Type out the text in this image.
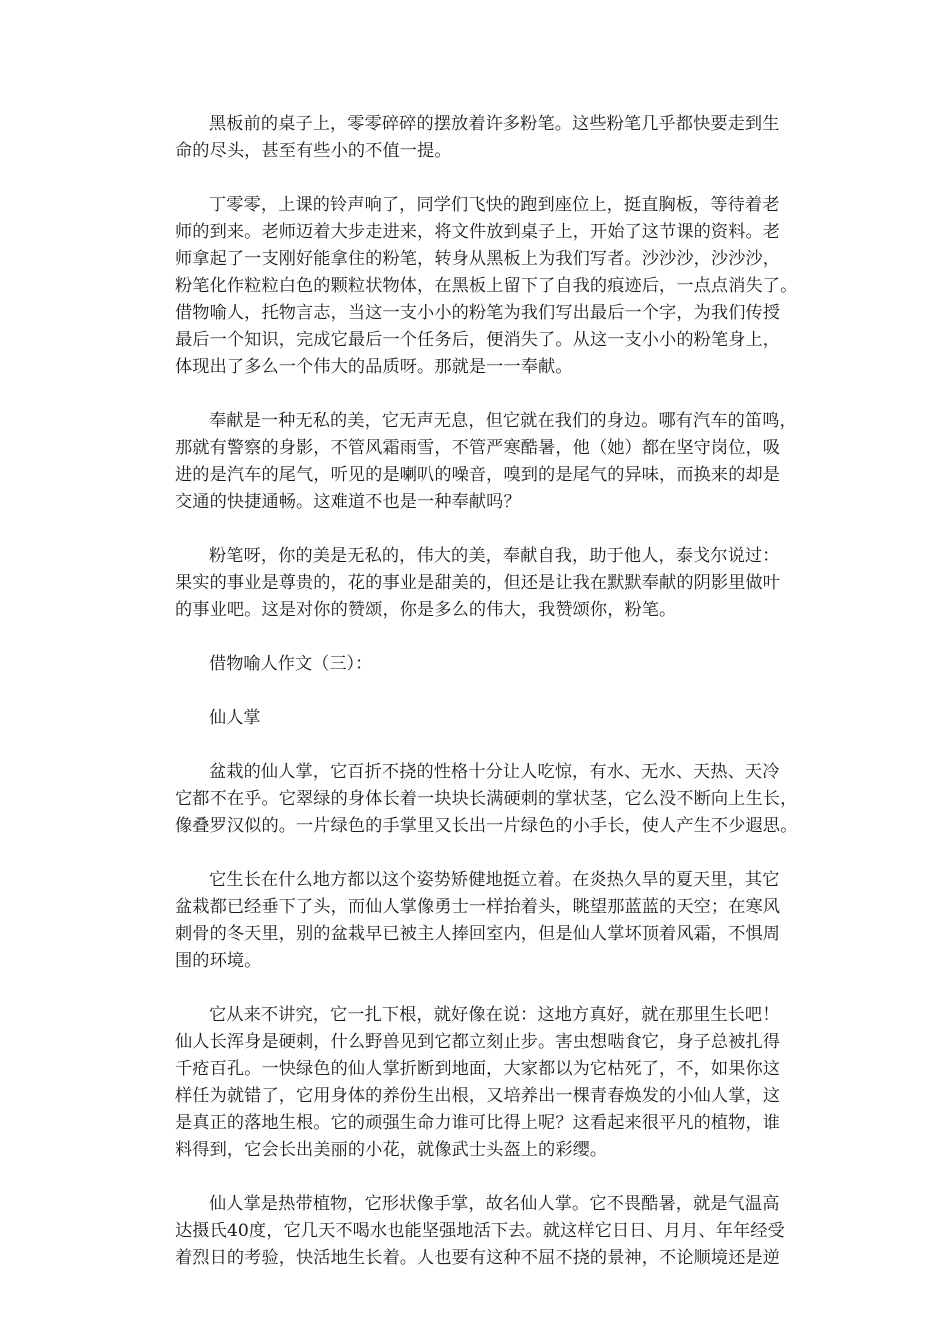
黑板前的桌子上，零零碎碎的摆放着许多粉笔。这些粉笔几乎都快要走到生
命的尽头，甚至有些小的不值一提。
丁零零，上课的铃声响了，同学们飞快的跑到座位上，挺直胸板，等待着老
师的到来。老师迈着大步走进来，将文件放到桌子上，开始了这节课的资料。老
师拿起了一支刚好能拿住的粉笔，转身从黑板上为我们写者。沙沙沙，沙沙沙，
粉笔化作粒粒白色的颗粒状物体，在黑板上留下了自我的痕迹后，一点点消失了。
借物喻人，托物言志，当这一支小小的粉笔为我们写出最后一个字，为我们传授
最后一个知识，完成它最后一个任务后，便消失了。从这一支小小的粉笔身上，
体现出了多么一个伟大的品质呀。那就是一一奉献。
奉献是一种无私的美，它无声无息，但它就在我们的身边。哪有汽车的笛鸣，
那就有警察的身影，不管风霜雨雪，不管严寒酷暑，他（她）都在坚守岗位，吸
进的是汽车的尾气，听见的是喇叭的噪音，嗅到的是尾气的异味，而换来的却是
交通的快捷通畅。这难道不也是一种奉献吗？
粉笔呀，你的美是无私的，伟大的美，奉献自我，助于他人，泰戈尔说过：
果实的事业是尊贵的，花的事业是甜美的，但还是让我在默默奉献的阴影里做叶
的事业吧。这是对你的赞颂，你是多么的伟大，我赞颂你，粉笔。
借物喻人作文（三）：
仙人掌
盆栽的仙人掌，它百折不挠的性格十分让人吃惊，有水、无水、天热、天冷
它都不在乎。它翠绿的身体长着一块块长满硬刺的掌状茎，它么没不断向上生长，
像叠罗汉似的。一片绿色的手掌里又长出一片绿色的小手长，使人产生不少遐思。
它生长在什么地方都以这个姿势矫健地挺立着。在炎热久旱的夏天里，其它
盆栽都已经垂下了头，而仙人掌像勇士一样抬着头，眺望那蓝蓝的天空；在寒风
刺骨的冬天里，别的盆栽早已被主人捧回室内，但是仙人掌坏顶着风霜，不惧周
围的环境。
它从来不讲究，它一扎下根，就好像在说：这地方真好，就在那里生长吧！
仙人长浑身是硬刺，什么野兽见到它都立刻止步。害虫想啮食它，身子总被扎得
千疮百孔。一快绿色的仙人掌折断到地面，大家都以为它枯死了，不，如果你这
样任为就错了，它用身体的养份生出根，又培养出一棵青春焕发的小仙人掌，这
是真正的落地生根。它的顽强生命力谁可比得上呢？这看起来很平凡的植物，谁
料得到，它会长出美丽的小花，就像武士头盔上的彩缨。
仙人掌是热带植物，它形状像手掌，故名仙人掌。它不畏酷暑，就是气温高
达摄氏40度，它几天不喝水也能坚强地活下去。就这样它日日、月月、年年经受
着烈日的考验，快活地生长着。人也要有这种不屈不挠的景神，不论顺境还是逆
